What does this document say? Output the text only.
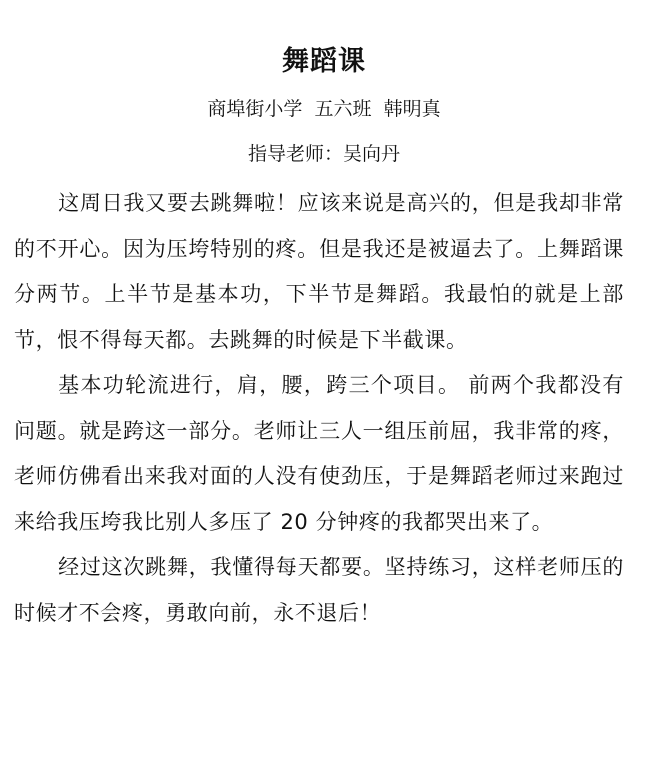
舞蹈课
商埠街小学  五六班  韩明真
指导老师：吴向丹

这周日我又要去跳舞啦！应该来说是高兴的，但是我却非常的不开心。因为压垮特别的疼。但是我还是被逼去了。上舞蹈课分两节。上半节是基本功，下半节是舞蹈。我最怕的就是上部节，恨不得每天都。去跳舞的时候是下半截课。

基本功轮流进行，肩，腰，跨三个项目。 前两个我都没有问题。就是跨这一部分。老师让三人一组压前屈，我非常的疼，老师仿佛看出来我对面的人没有使劲压，于是舞蹈老师过来跑过来给我压垮我比别人多压了 20 分钟疼的我都哭出来了。

经过这次跳舞，我懂得每天都要。坚持练习，这样老师压的时候才不会疼，勇敢向前，永不退后！
